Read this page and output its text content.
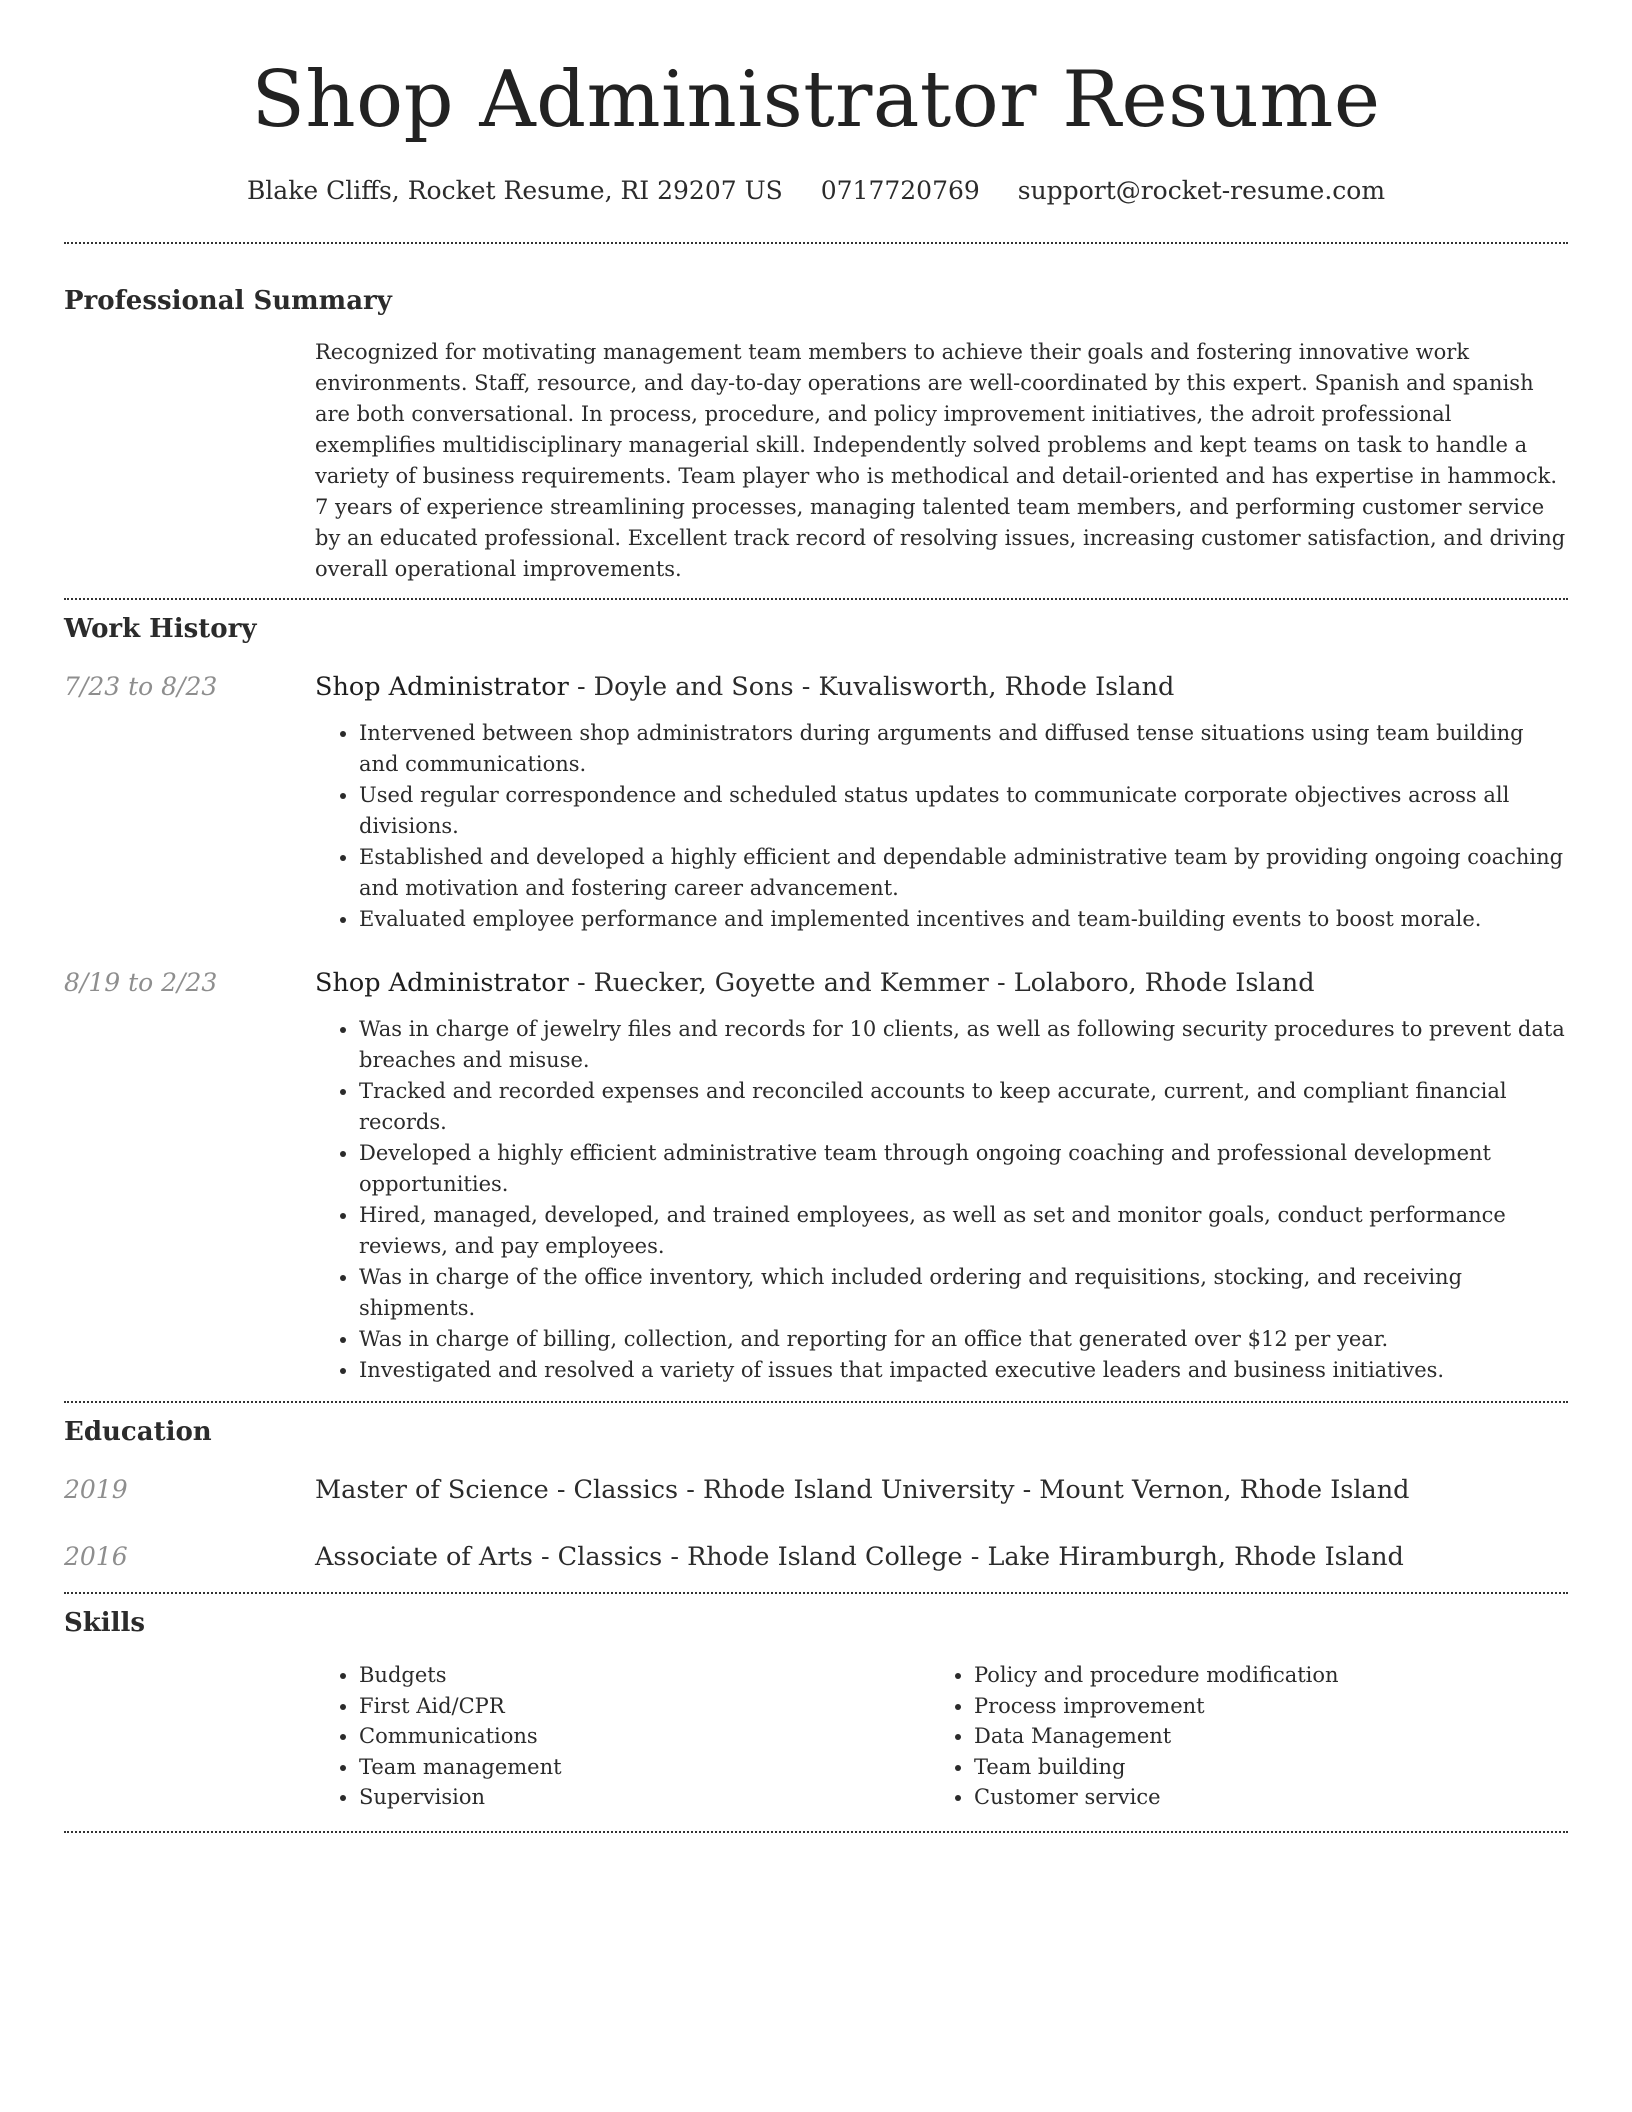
Shop Administrator Resume
Blake Cliffs, Rocket Resume, RI 29207 US 0717720769 support@rocket-resume.com
Professional Summary

Recognized for motivating management team members to achieve their goals and fostering innovative work environments. Staff, resource, and day-to-day operations are well-coordinated by this expert. Spanish and spanish are both conversational. In process, procedure, and policy improvement initiatives, the adroit professional exemplifies multidisciplinary managerial skill. Independently solved problems and kept teams on task to handle a variety of business requirements. Team player who is methodical and detail-oriented and has expertise in hammock. 7 years of experience streamlining processes, managing talented team members, and performing customer service by an educated professional. Excellent track record of resolving issues, increasing customer satisfaction, and driving overall operational improvements.

Work History
7/23 to 8/23	Shop Administrator - Doyle and Sons - Kuvalisworth, Rhode Island
• Intervened between shop administrators during arguments and diffused tense situations using team building and communications.
• Used regular correspondence and scheduled status updates to communicate corporate objectives across all divisions.
• Established and developed a highly efficient and dependable administrative team by providing ongoing coaching and motivation and fostering career advancement.
• Evaluated employee performance and implemented incentives and team-building events to boost morale.
8/19 to 2/23	Shop Administrator - Ruecker, Goyette and Kemmer - Lolaboro, Rhode Island
• Was in charge of jewelry files and records for 10 clients, as well as following security procedures to prevent data breaches and misuse.
• Tracked and recorded expenses and reconciled accounts to keep accurate, current, and compliant financial records.
• Developed a highly efficient administrative team through ongoing coaching and professional development opportunities.
• Hired, managed, developed, and trained employees, as well as set and monitor goals, conduct performance reviews, and pay employees.
• Was in charge of the office inventory, which included ordering and requisitions, stocking, and receiving shipments.
• Was in charge of billing, collection, and reporting for an office that generated over $12 per year.
• Investigated and resolved a variety of issues that impacted executive leaders and business initiatives.
Education
2019	Master of Science - Classics - Rhode Island University - Mount Vernon, Rhode Island
2016	Associate of Arts - Classics - Rhode Island College - Lake Hiramburgh, Rhode Island
Skills
• Budgets
• First Aid/CPR
• Communications
• Team management
• Supervision
• Policy and procedure modification
• Process improvement
• Data Management
• Team building
• Customer service
